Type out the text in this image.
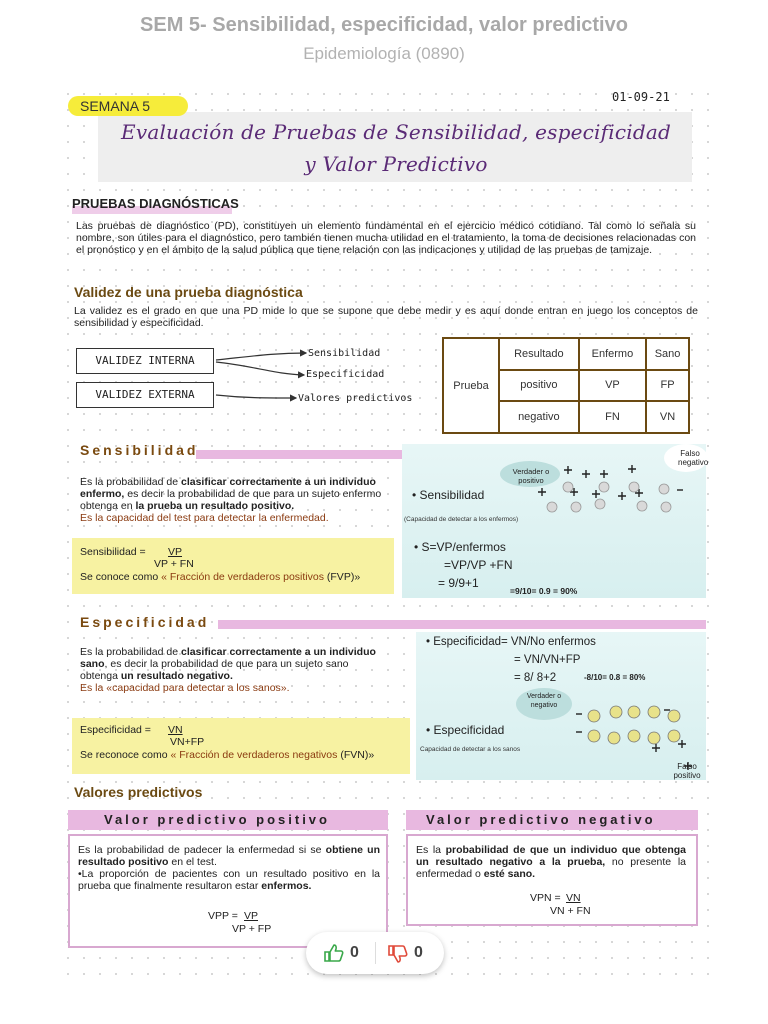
SEM 5- Sensibilidad, especificidad, valor predictivo
Epidemiología (0890)
SEMANA 5
01-09-21
Evaluación de Pruebas de Sensibilidad, especificidad
y Valor Predictivo
PRUEBAS DIAGNÓSTICAS
Las pruebas de diagnóstico (PD), constituyen un elemento fundamental en el ejercicio médico cotidiano. Tal como lo señala su nombre, son útiles para el diagnóstico, pero también tienen mucha utilidad en el tratamiento, la toma de decisiones relacionadas con el pronóstico y en el ámbito de la salud pública que tiene relación con las indicaciones y utilidad de las pruebas de tamizaje.
Validez de una prueba diagnóstica
La validez es el grado en que una PD mide lo que se supone que debe medir y es aquí donde entran en juego los conceptos de sensibilidad y especificidad.
VALIDEZ INTERNA
VALIDEZ EXTERNA
Sensibilidad
Especificidad
Valores predictivos
Prueba	Resultado	Enfermo	Sano
	positivo	VP	FP
	negativo	FN	VN
Sensibilidad
Es la probabilidad de clasificar correctamente a un individuo enfermo, es decir la probabilidad de que para un sujeto enfermo obtenga en la prueba un resultado positivo.
Es la capacidad del test para detectar la enfermedad.
Sensibilidad = VP
VP + FN
Se conoce como « Fracción de verdaderos positivos (FVP)»
Falso negativo
Verdader o positivo
• Sensibilidad
(Capacidad de detectar a los enfermos)
• S=VP/enfermos
=VP/VP +FN
= 9/9+1
=9/10= 0.9 = 90%
Especificidad
Es la probabilidad de clasificar correctamente a un individuo sano, es decir la probabilidad de que para un sujeto sano obtenga un resultado negativo.
Es la «capacidad para detectar a los sanos».
Especificidad = VN
VN+FP
Se reconoce como « Fracción de verdaderos negativos (FVN)»
• Especificidad= VN/No enfermos
= VN/VN+FP
= 8/ 8+2	-8/10= 0.8 = 80%
Verdader o negativo
• Especificidad
Capacidad de detectar a los sanos
Falso positivo
Valores predictivos
Valor predictivo positivo	Valor predictivo negativo
Es la probabilidad de padecer la enfermedad si se obtiene un resultado positivo en el test.
•La proporción de pacientes con un resultado positivo en la prueba que finalmente resultaron estar enfermos.
VPP = VP
VP + FP
Es la probabilidad de que un individuo que obtenga un resultado negativo a la prueba, no presente la enfermedad o esté sano.
VPN = VN
VN + FN
0	0
